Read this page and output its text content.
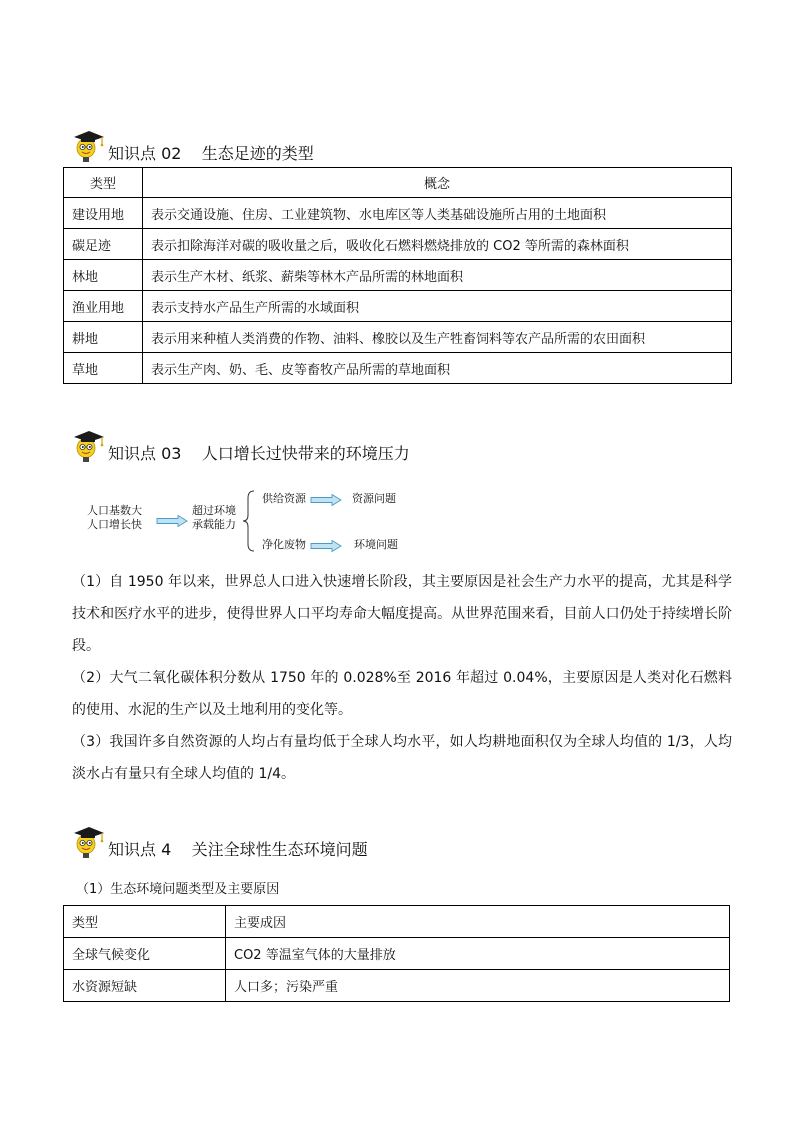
知识点 02    生态足迹的类型
类型	概念
建设用地	表示交通设施、住房、工业建筑物、水电库区等人类基础设施所占用的土地面积
碳足迹	表示扣除海洋对碳的吸收量之后，吸收化石燃料燃烧排放的 CO2 等所需的森林面积
林地	表示生产木材、纸浆、薪柴等林木产品所需的林地面积
渔业用地	表示支持水产品生产所需的水域面积
耕地	表示用来种植人类消费的作物、油料、橡胶以及生产牲畜饲料等农产品所需的农田面积
草地	表示生产肉、奶、毛、皮等畜牧产品所需的草地面积
知识点 03    人口增长过快带来的环境压力
人口基数大
人口增长快
超过环境
承载能力
供给资源	资源问题
净化废物	环境问题

（1）自 1950 年以来，世界总人口进入快速增长阶段，其主要原因是社会生产力水平的提高，尤其是科学技术和医疗水平的进步，使得世界人口平均寿命大幅度提高。从世界范围来看，目前人口仍处于持续增长阶段。

（2）大气二氧化碳体积分数从 1750 年的 0.028%至 2016 年超过 0.04%，主要原因是人类对化石燃料的使用、水泥的生产以及土地利用的变化等。

（3）我国许多自然资源的人均占有量均低于全球人均水平，如人均耕地面积仅为全球人均值的 1/3，人均淡水占有量只有全球人均值的 1/4。

知识点 4    关注全球性生态环境问题
（1）生态环境问题类型及主要原因
类型	主要成因
全球气候变化	CO2 等温室气体的大量排放
水资源短缺	人口多；污染严重
